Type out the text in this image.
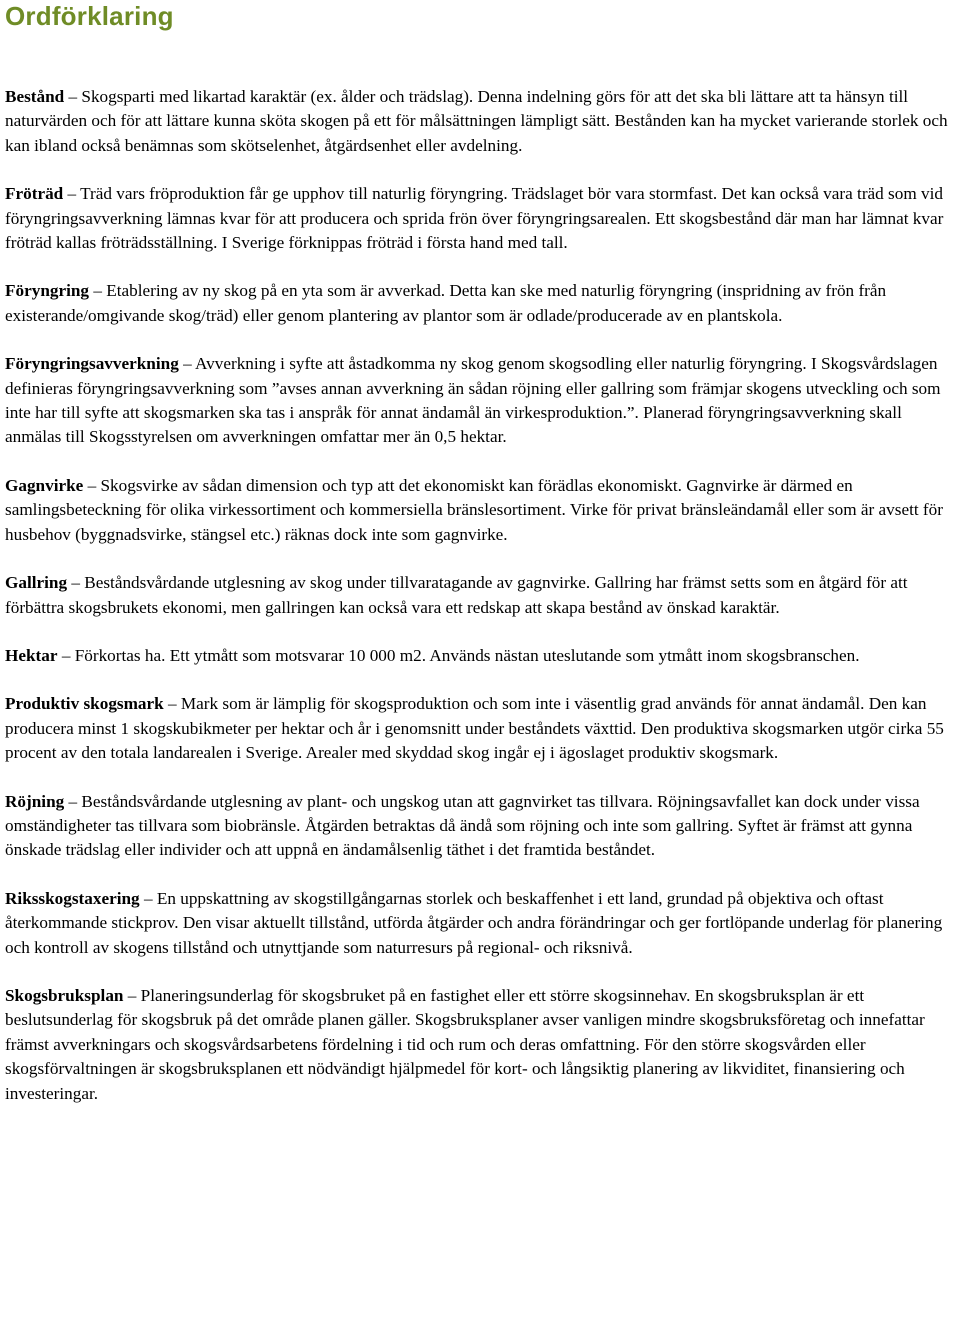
Ordförklaring

Bestånd – Skogsparti med likartad karaktär (ex. ålder och trädslag). Denna indelning görs för att det ska bli lättare att ta hänsyn till naturvärden och för att lättare kunna sköta skogen på ett för målsättningen lämpligt sätt. Bestånden kan ha mycket varierande storlek och kan ibland också benämnas som skötselenhet, åtgärdsenhet eller avdelning.

Fröträd – Träd vars fröproduktion får ge upphov till naturlig föryngring. Trädslaget bör vara stormfast. Det kan också vara träd som vid föryngringsavverkning lämnas kvar för att producera och sprida frön över föryngringsarealen. Ett skogsbestånd där man har lämnat kvar fröträd kallas fröträdsställning. I Sverige förknippas fröträd i första hand med tall.

Föryngring – Etablering av ny skog på en yta som är avverkad. Detta kan ske med naturlig föryngring (inspridning av frön från existerande/omgivande skog/träd) eller genom plantering av plantor som är odlade/producerade av en plantskola.

Föryngringsavverkning – Avverkning i syfte att åstadkomma ny skog genom skogsodling eller naturlig föryngring. I Skogsvårdslagen definieras föryngringsavverkning som ”avses annan avverkning än sådan röjning eller gallring som främjar skogens utveckling och som inte har till syfte att skogsmarken ska tas i anspråk för annat ändamål än virkesproduktion.”. Planerad föryngringsavverkning skall anmälas till Skogsstyrelsen om avverkningen omfattar mer än 0,5 hektar.

Gagnvirke – Skogsvirke av sådan dimension och typ att det ekonomiskt kan förädlas ekonomiskt. Gagnvirke är därmed en samlingsbeteckning för olika virkessortiment och kommersiella bränslesortiment. Virke för privat bränsleändamål eller som är avsett för husbehov (byggnadsvirke, stängsel etc.) räknas dock inte som gagnvirke.

Gallring – Beståndsvårdande utglesning av skog under tillvaratagande av gagnvirke. Gallring har främst setts som en åtgärd för att förbättra skogsbrukets ekonomi, men gallringen kan också vara ett redskap att skapa bestånd av önskad karaktär.

Hektar – Förkortas ha. Ett ytmått som motsvarar 10 000 m2. Används nästan uteslutande som ytmått inom skogsbranschen.

Produktiv skogsmark – Mark som är lämplig för skogsproduktion och som inte i väsentlig grad används för annat ändamål. Den kan producera minst 1 skogskubikmeter per hektar och år i genomsnitt under beståndets växttid. Den produktiva skogsmarken utgör cirka 55 procent av den totala landarealen i Sverige. Arealer med skyddad skog ingår ej i ägoslaget produktiv skogsmark.

Röjning – Beståndsvårdande utglesning av plant- och ungskog utan att gagnvirket tas tillvara. Röjningsavfallet kan dock under vissa omständigheter tas tillvara som biobränsle. Åtgärden betraktas då ändå som röjning och inte som gallring. Syftet är främst att gynna önskade trädslag eller individer och att uppnå en ändamålsenlig täthet i det framtida beståndet.

Riksskogstaxering – En uppskattning av skogstillgångarnas storlek och beskaffenhet i ett land, grundad på objektiva och oftast återkommande stickprov. Den visar aktuellt tillstånd, utförda åtgärder och andra förändringar och ger fortlöpande underlag för planering och kontroll av skogens tillstånd och utnyttjande som naturresurs på regional- och riksnivå.

Skogsbruksplan – Planeringsunderlag för skogsbruket på en fastighet eller ett större skogsinnehav. En skogsbruksplan är ett beslutsunderlag för skogsbruk på det område planen gäller. Skogsbruksplaner avser vanligen mindre skogsbruksföretag och innefattar främst avverkningars och skogsvårdsarbetens fördelning i tid och rum och deras omfattning. För den större skogsvården eller skogsförvaltningen är skogsbruksplanen ett nödvändigt hjälpmedel för kort- och långsiktig planering av likviditet, finansiering och investeringar.
